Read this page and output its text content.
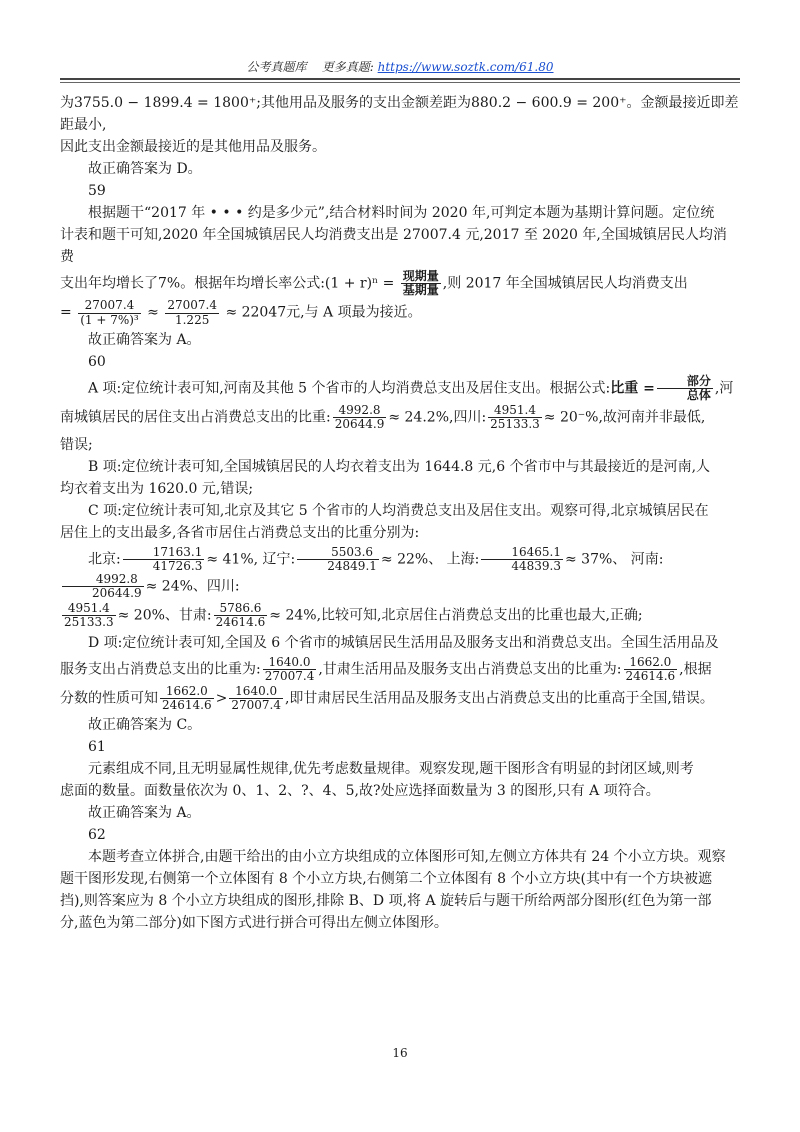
公考真题库 更多真题: https://www.soztk.com/61.80

为3755.0 − 1899.4 = 1800⁺;其他用品及服务的支出金额差距为880.2 − 600.9 = 200⁺。金额最接近即差距最小,

因此支出金额最接近的是其他用品及服务。

故正确答案为 D。

59

根据题干“2017 年 • • • 约是多少元”,结合材料时间为 2020 年,可判定本题为基期计算问题。定位统

计表和题干可知,2020 年全国城镇居民人均消费支出是 27007.4 元,2017 至 2020 年,全国城镇居民人均消费

支出年均增长了7%。根据年均增长率公式:(1 + $r)^n = \frac{\text{现期量}}{\text{基期量}}$ ,则 2017 年全国城镇居民人均消费支出

= $\frac{27007.4}{\text{(1 + 7\%)³}} \approx \frac{27007.4}{1.225} \approx 22047$元,与 A 项最为接近。

故正确答案为 A。

60

A 项:定位统计表可知,河南及其他 5 个省市的人均消费总支出及居住支出。根据公式:比重 = $\frac{\text{部分}}{\text{总体}}$ ,河

南城镇居民的居住支出占消费总支出的比重: $\frac{4992.8}{20644.9} \approx 24.2\%$,四川: $\frac{4951.4}{25133.3} \approx 20^-\%$,故河南并非最低,

错误;

B 项:定位统计表可知,全国城镇居民的人均衣着支出为 1644.8 元,6 个省市中与其最接近的是河南,人

均衣着支出为 1620.0 元,错误;

C 项:定位统计表可知,北京及其它 5 个省市的人均消费总支出及居住支出。观察可得,北京城镇居民在

居住上的支出最多,各省市居住占消费总支出的比重分别为:

北京: $\frac{17163.1}{41726.3} \approx 41\%$, 辽宁: $\frac{5503.6}{24849.1} \approx 22\%$、 上海: $\frac{16465.1}{44839.3} \approx 37\%$、 河南:
$\frac{4992.8}{20644.9} \approx 24\%$、四川:

$\frac{4951.4}{25133.3} \approx 20\%$、甘肃: $\frac{5786.6}{24614.6} \approx 24\%$,比较可知,北京居住占消费总支出的比重也最大,正确;

D 项:定位统计表可知,全国及 6 个省市的城镇居民生活用品及服务支出和消费总支出。全国生活用品及

服务支出占消费总支出的比重为: $\frac{1640.0}{27007.4}$ ,甘肃生活用品及服务支出占消费总支出的比重为: $\frac{1662.0}{24614.6}$ ,根据

分数的性质可知 $\frac{1662.0}{24614.6} > \frac{1640.0}{27007.4}$ ,即甘肃居民生活用品及服务支出占消费总支出的比重高于全国,错误。

故正确答案为 C。

61

元素组成不同,且无明显属性规律,优先考虑数量规律。观察发现,题干图形含有明显的封闭区域,则考

虑面的数量。面数量依次为 0、1、2、?、4、5,故?处应选择面数量为 3 的图形,只有 A 项符合。

故正确答案为 A。

62

本题考查立体拼合,由题干给出的由小立方块组成的立体图形可知,左侧立方体共有 24 个小立方块。观察

题干图形发现,右侧第一个立体图有 8 个小立方块,右侧第二个立体图有 8 个小立方块(其中有一个方块被遮

挡),则答案应为 8 个小立方块组成的图形,排除 B、D 项,将 A 旋转后与题干所给两部分图形(红色为第一部

分,蓝色为第二部分)如下图方式进行拼合可得出左侧立体图形。

16
